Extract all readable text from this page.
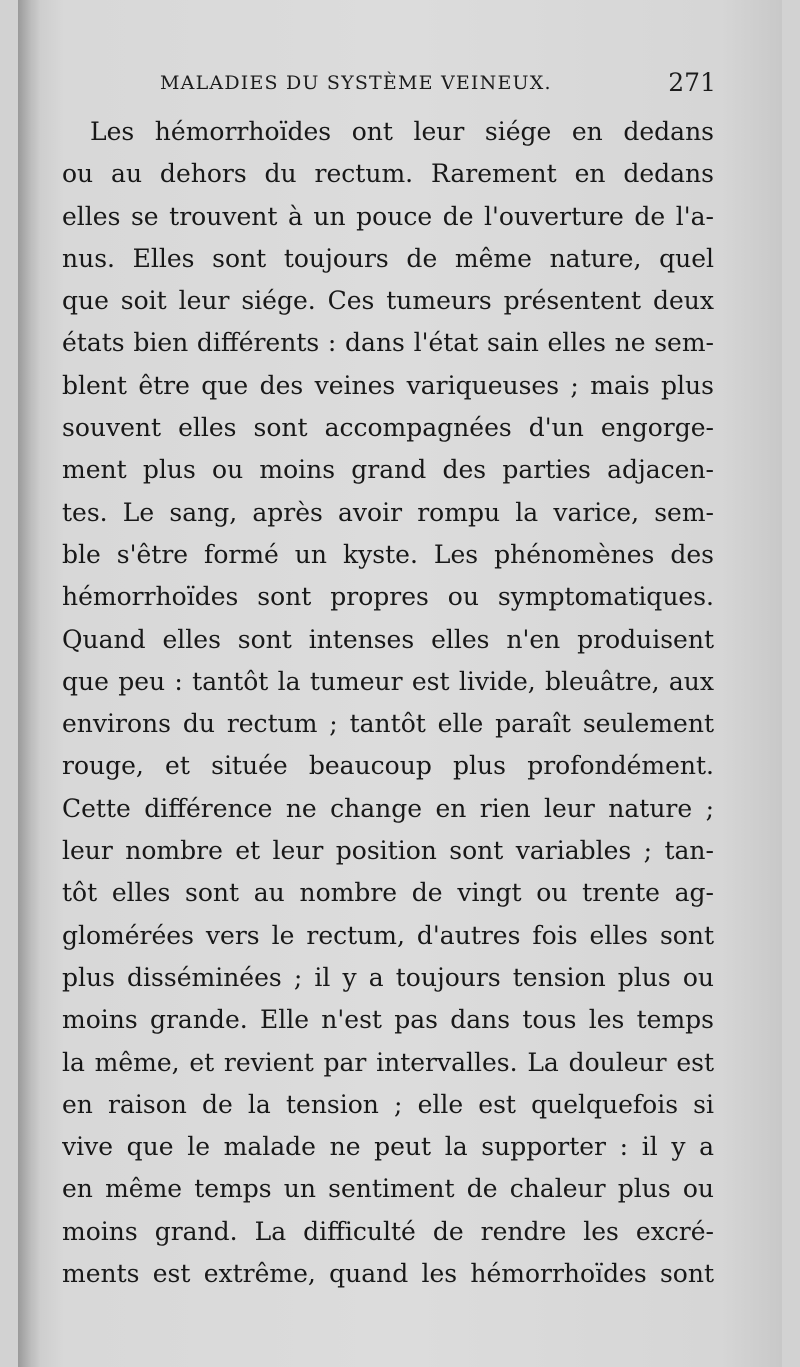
MALADIES DU SYSTÈME VEINEUX.	271
Les hémorrhoïdes ont leur siége en dedans
ou au dehors du rectum. Rarement en dedans
elles se trouvent à un pouce de l'ouverture de l'a-
nus. Elles sont toujours de même nature, quel
que soit leur siége. Ces tumeurs présentent deux
états bien différents : dans l'état sain elles ne sem-
blent être que des veines variqueuses ; mais plus
souvent elles sont accompagnées d'un engorge-
ment plus ou moins grand des parties adjacen-
tes. Le sang, après avoir rompu la varice, sem-
ble s'être formé un kyste. Les phénomènes des
hémorrhoïdes sont propres ou symptomatiques.
Quand elles sont intenses elles n'en produisent
que peu : tantôt la tumeur est livide, bleuâtre, aux
environs du rectum ; tantôt elle paraît seulement
rouge, et située beaucoup plus profondément.
Cette différence ne change en rien leur nature ;
leur nombre et leur position sont variables ; tan-
tôt elles sont au nombre de vingt ou trente ag-
glomérées vers le rectum, d'autres fois elles sont
plus disséminées ; il y a toujours tension plus ou
moins grande. Elle n'est pas dans tous les temps
la même, et revient par intervalles. La douleur est
en raison de la tension ; elle est quelquefois si
vive que le malade ne peut la supporter : il y a
en même temps un sentiment de chaleur plus ou
moins grand. La difficulté de rendre les excré-
ments est extrême, quand les hémorrhoïdes sont
